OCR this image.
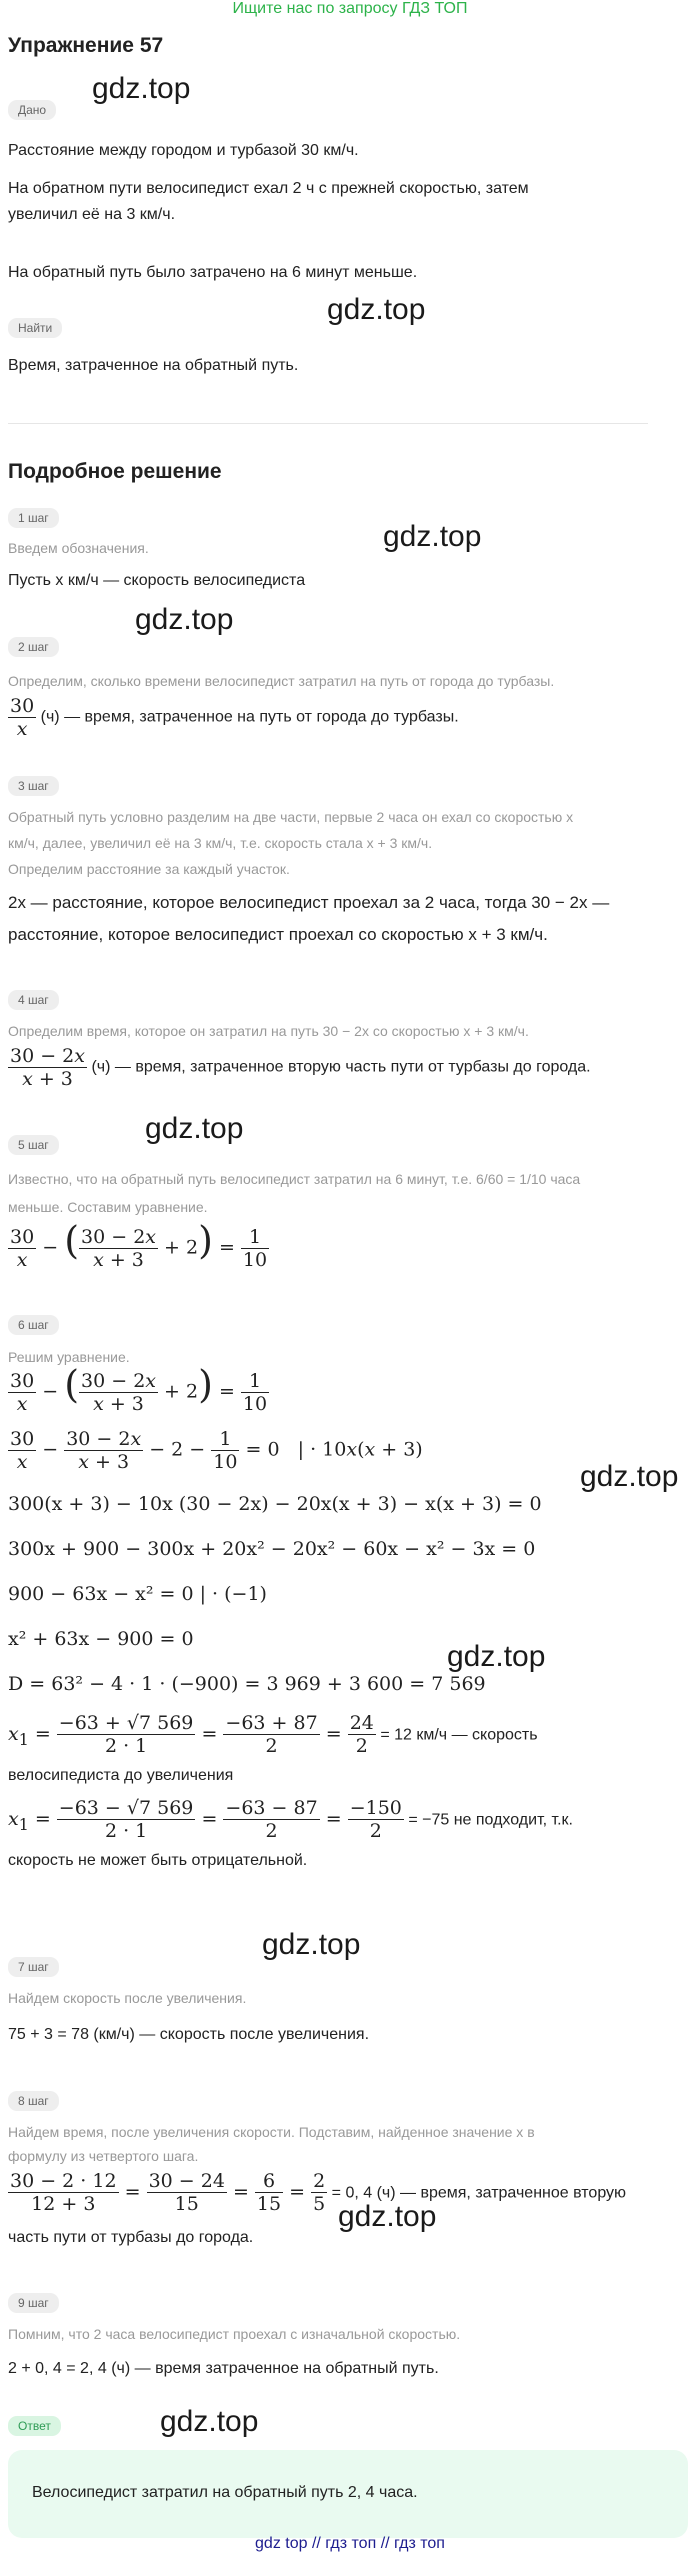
Ищите нас по запросу ГДЗ ТОП
Упражнение 57
Дано
Расстояние между городом и турбазой 30 км/ч.
На обратном пути велосипедист ехал 2 ч с прежней скоростью, затем
увеличил её на 3 км/ч.
На обратный путь было затрачено на 6 минут меньше.
Найти
Время, затраченное на обратный путь.
Подробное решение
1 шаг
Введем обозначения.
Пусть x км/ч — скорость велосипедиста
2 шаг
Определим, сколько времени велосипедист затратил на путь от города до турбазы.
$\frac{30}{x} (ч)$ — время, затраченное на путь от города до турбазы.
3 шаг
Обратный путь условно разделим на две части, первые 2 часа он ехал со скоростью x
км/ч, далее, увеличил её на 3 км/ч, т.е. скорость стала x + 3 км/ч.
Определим расстояние за каждый участок.
2x — расстояние, которое велосипедист проехал за 2 часа, тогда 30 − 2x —
расстояние, которое велосипедист проехал со скоростью x + 3 км/ч.
4 шаг
Определим время, которое он затратил на путь 30 − 2x со скоростью x + 3 км/ч.
$\frac{30 - 2x}{x + 3} (ч)$ — время, затраченное вторую часть пути от турбазы до города.
5 шаг
Известно, что на обратный путь велосипедист затратил на 6 минут, т.е. 6/60 = 1/10 часа
меньше. Составим уравнение.
$\frac{30}{x}$ − ( $\frac{30 - 2x}{x + 3} + 2) = \frac{1}{10}$
6 шаг
Решим уравнение.
$\frac{30}{x}$ − ( $\frac{30 - 2x}{x + 3} + 2) = \frac{1}{10}$
$\frac{30}{x} - \frac{30 - 2x}{x + 3} - 2 - \frac{1}{10} = 0$   | · 10x(x + 3)
300(x + 3) − 10x (30 − 2x) − 20x(x + 3) − x(x + 3) = 0
300x + 900 − 300x + 20x² − 20x² − 60x − x² − 3x = 0
900 − 63x − x² = 0 | · (−1)
x² + 63x − 900 = 0
D = 63² − 4 · 1 · (−900) = 3 969 + 3 600 = 7 569
$x_1 = \frac{-63 + √7 569}{2 \cdot 1} = \frac{-63 + 87}{2} = \frac{24}{2} = 12$ км/ч — скорость
велосипедиста до увеличения
$x_1 = \frac{-63 - √7 569}{2 \cdot 1} = \frac{-63 - 87}{2} = \frac{-150}{2} = -75$ не подходит, т.к.
скорость не может быть отрицательной.
7 шаг
Найдем скорость после увеличения.
75 + 3 = 78 (км/ч) — скорость после увеличения.
8 шаг
Найдем время, после увеличения скорости. Подставим, найденное значение x в
формулу из четвертого шага.
$\frac{30 - 2 \cdot 12}{12 + 3} = \frac{30 - 24}{15} = \frac{6}{15} = \frac{2}{5} = 0$, 4 (ч) — время, затраченное вторую
часть пути от турбазы до города.
9 шаг
Помним, что 2 часа велосипедист проехал с изначальной скоростью.
2 + 0, 4 = 2, 4 (ч) — время затраченное на обратный путь.
Ответ
Велосипедист затратил на обратный путь 2, 4 часа.
gdz.top
gdz.top
gdz.top
gdz.top
gdz.top
gdz.top
gdz.top
gdz.top
gdz.top
gdz.top
gdz top // гдз топ // гдз топ
